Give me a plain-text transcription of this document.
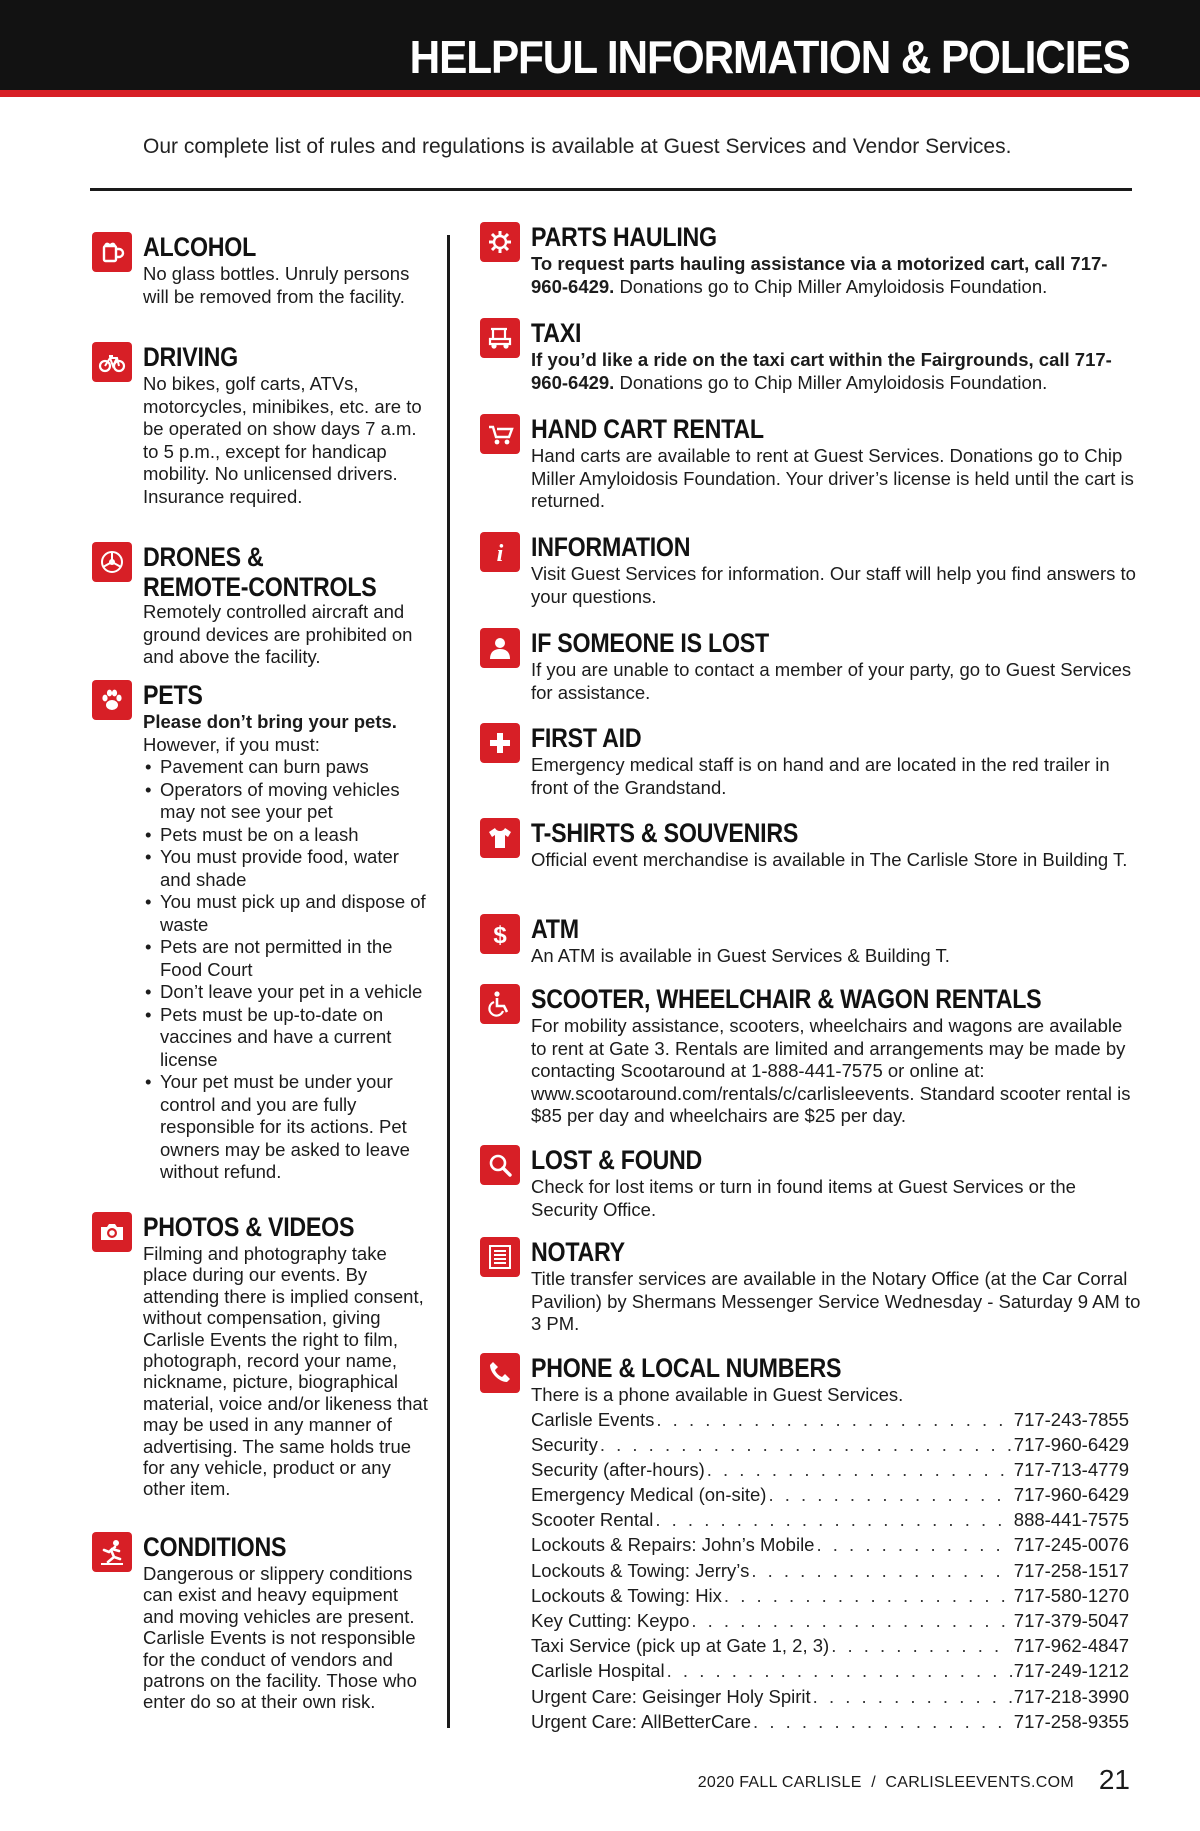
HELPFUL INFORMATION & POLICIES
Our complete list of rules and regulations is available at Guest Services and Vendor Services.
ALCOHOL
No glass bottles. Unruly persons will be removed from the facility.
DRIVING
No bikes, golf carts, ATVs, motorcycles, minibikes, etc. are to be operated on show days 7 a.m. to 5 p.m., except for handicap mobility. No unlicensed drivers. Insurance required.
DRONES &
REMOTE-CONTROLS
Remotely controlled aircraft and ground devices are prohibited on and above the facility.
PETS
Please don’t bring your pets.
However, if you must:
• Pavement can burn paws
• Operators of moving vehicles may not see your pet
• Pets must be on a leash
• You must provide food, water and shade
• You must pick up and dispose of waste
• Pets are not permitted in the Food Court
• Don’t leave your pet in a vehicle
• Pets must be up-to-date on vaccines and have a current license
• Your pet must be under your control and you are fully responsible for its actions. Pet owners may be asked to leave without refund.
PHOTOS & VIDEOS
Filming and photography take place during our events. By attending there is implied consent, without compensation, giving Carlisle Events the right to film, photograph, record your name, nickname, picture, biographical material, voice and/or likeness that may be used in any manner of advertising. The same holds true for any vehicle, product or any other item.
CONDITIONS
Dangerous or slippery conditions can exist and heavy equipment and moving vehicles are present. Carlisle Events is not responsible for the conduct of vendors and patrons on the facility. Those who enter do so at their own risk.
PARTS HAULING
To request parts hauling assistance via a motorized cart, call 717-960-6429. Donations go to Chip Miller Amyloidosis Foundation.
TAXI
If you’d like a ride on the taxi cart within the Fairgrounds, call 717-960-6429. Donations go to Chip Miller Amyloidosis Foundation.
HAND CART RENTAL
Hand carts are available to rent at Guest Services. Donations go to Chip Miller Amyloidosis Foundation. Your driver’s license is held until the cart is returned.
i INFORMATION
Visit Guest Services for information. Our staff will help you find answers to your questions.
IF SOMEONE IS LOST
If you are unable to contact a member of your party, go to Guest Services for assistance.
FIRST AID
Emergency medical staff is on hand and are located in the red trailer in front of the Grandstand.
T-SHIRTS & SOUVENIRS
Official event merchandise is available in The Carlisle Store in Building T.
$ ATM
An ATM is available in Guest Services & Building T.
SCOOTER, WHEELCHAIR & WAGON RENTALS
For mobility assistance, scooters, wheelchairs and wagons are available to rent at Gate 3. Rentals are limited and arrangements may be made by contacting Scootaround at 1-888-441-7575 or online at: www.scootaround.com/rentals/c/carlisleevents. Standard scooter rental is $85 per day and wheelchairs are $25 per day.
LOST & FOUND
Check for lost items or turn in found items at Guest Services or the Security Office.
NOTARY
Title transfer services are available in the Notary Office (at the Car Corral Pavilion) by Shermans Messenger Service Wednesday - Saturday 9 AM to 3 PM.
PHONE & LOCAL NUMBERS
There is a phone available in Guest Services.
Carlisle Events . . .	717-243-7855
Security . . .	717-960-6429
Security (after-hours) . . .	717-713-4779
Emergency Medical (on-site) . . .	717-960-6429
Scooter Rental . . .	888-441-7575
Lockouts & Repairs: John’s Mobile . . .	717-245-0076
Lockouts & Towing: Jerry’s . . .	717-258-1517
Lockouts & Towing: Hix . . .	717-580-1270
Key Cutting: Keypo . . .	717-379-5047
Taxi Service (pick up at Gate 1, 2, 3) . . .	717-962-4847
Carlisle Hospital . . .	717-249-1212
Urgent Care: Geisinger Holy Spirit . . .	717-218-3990
Urgent Care: AllBetterCare . . .	717-258-9355
2020 FALL CARLISLE  /  CARLISLEEVENTS.COM 21
